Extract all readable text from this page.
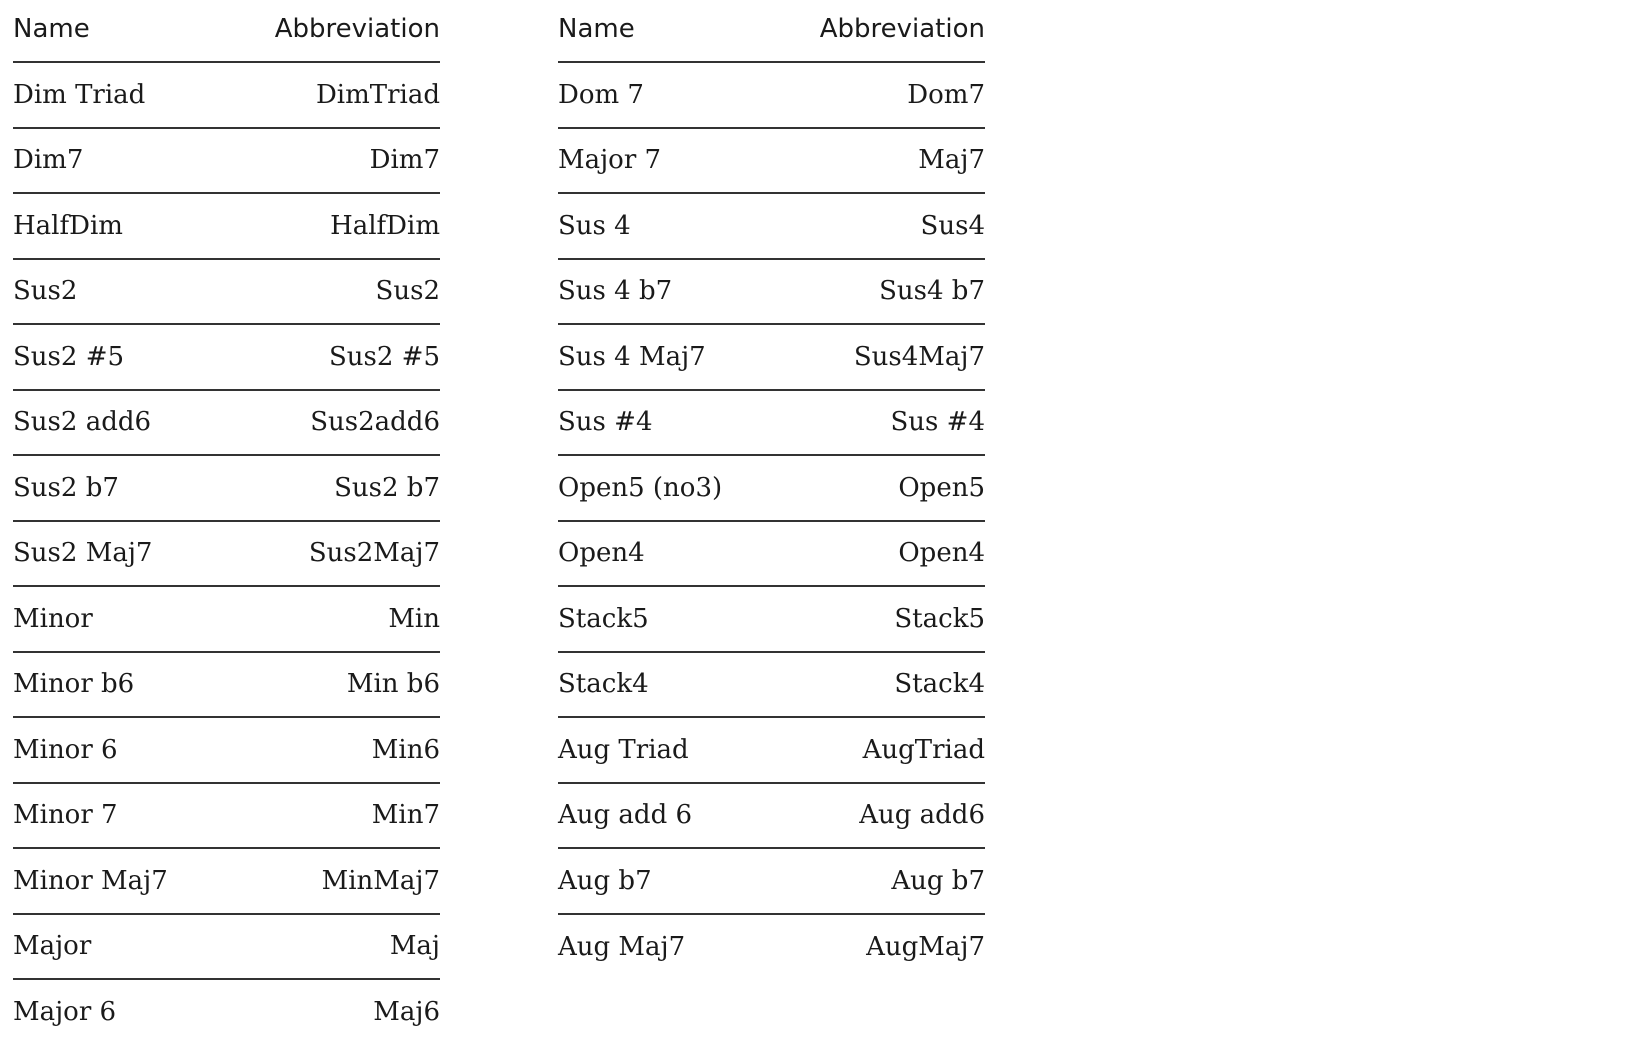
Name	Abbreviation
Dim Triad	DimTriad
Dim7	Dim7
HalfDim	HalfDim
Sus2	Sus2
Sus2 #5	Sus2 #5
Sus2 add6	Sus2add6
Sus2 b7	Sus2 b7
Sus2 Maj7	Sus2Maj7
Minor	Min
Minor b6	Min b6
Minor 6	Min6
Minor 7	Min7
Minor Maj7	MinMaj7
Major	Maj
Major 6	Maj6
Name	Abbreviation
Dom 7	Dom7
Major 7	Maj7
Sus 4	Sus4
Sus 4 b7	Sus4 b7
Sus 4 Maj7	Sus4Maj7
Sus #4	Sus #4
Open5 (no3)	Open5
Open4	Open4
Stack5	Stack5
Stack4	Stack4
Aug Triad	AugTriad
Aug add 6	Aug add6
Aug b7	Aug b7
Aug Maj7	AugMaj7
